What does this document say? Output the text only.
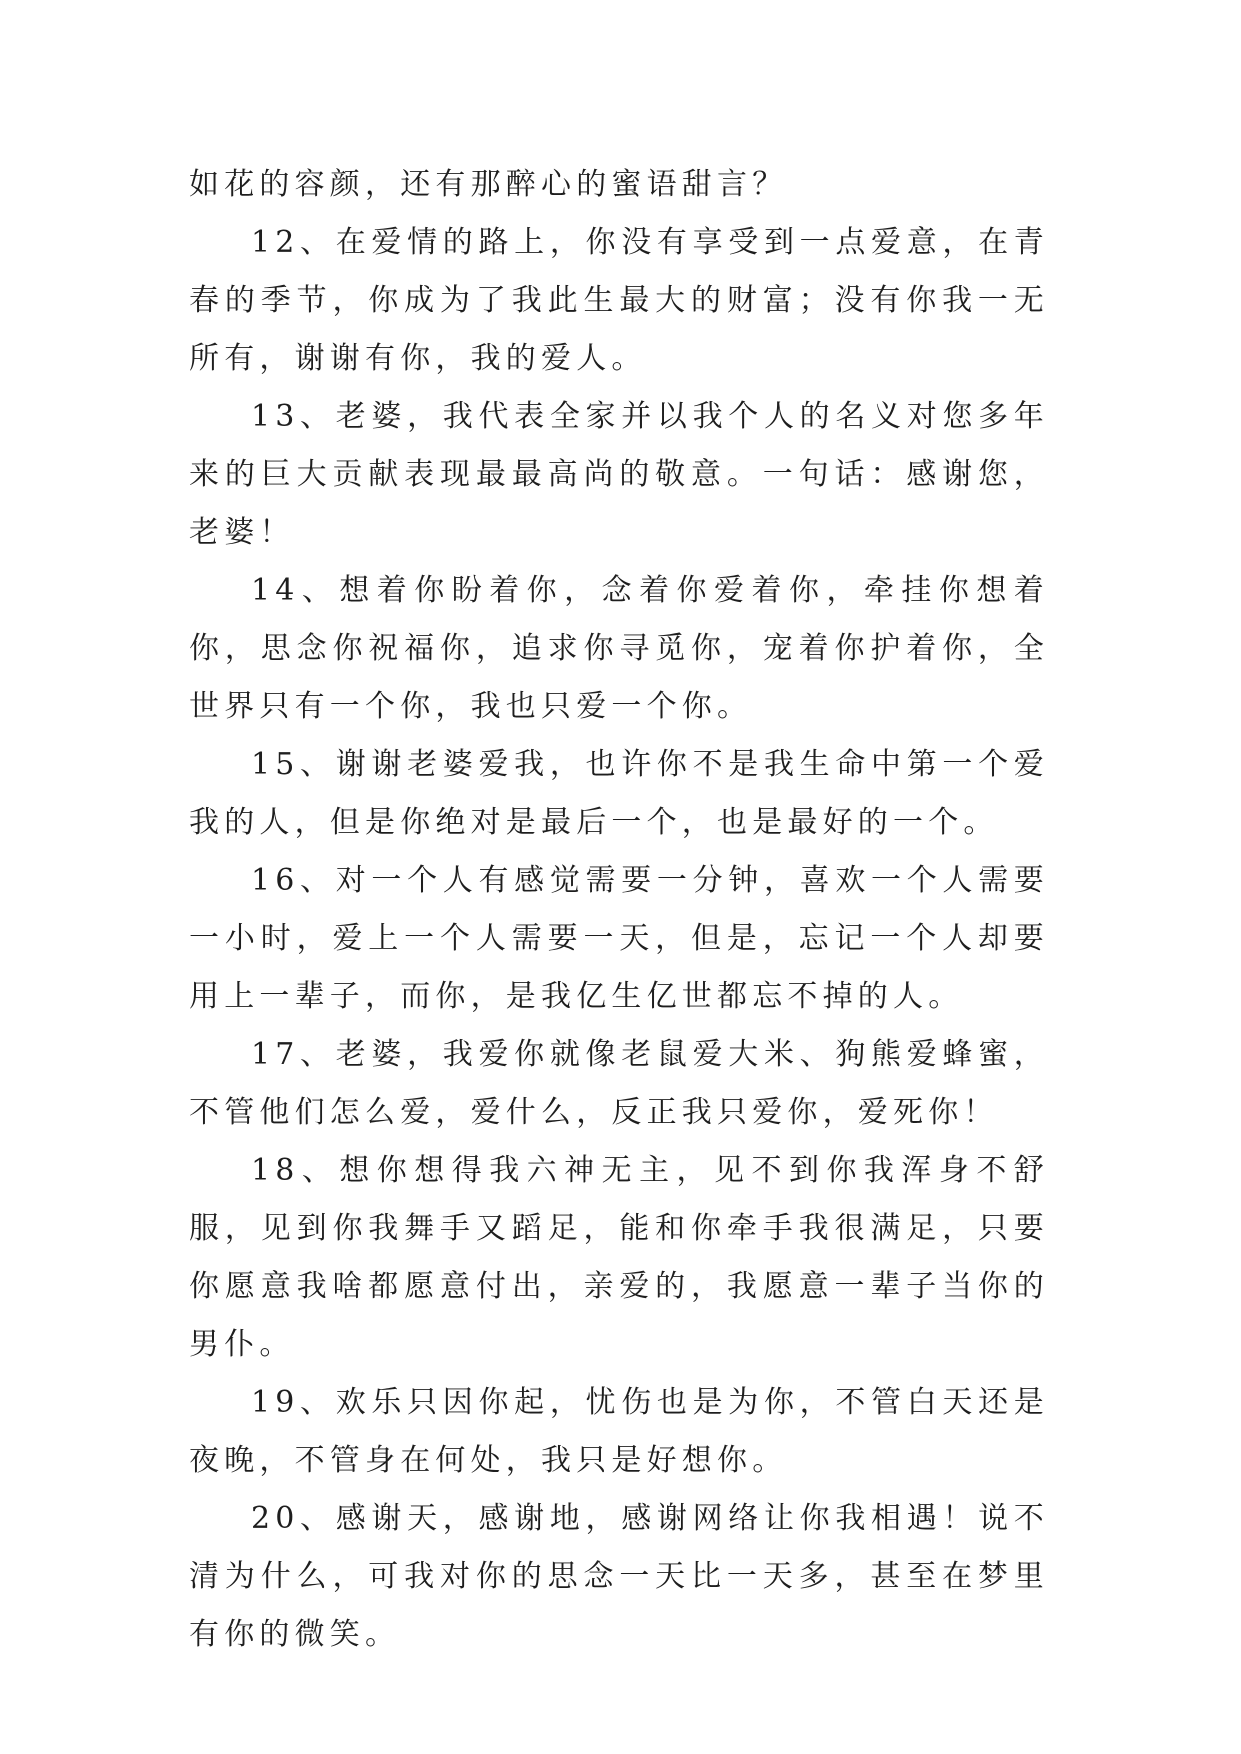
如花的容颜，还有那醉心的蜜语甜言？

12、在爱情的路上，你没有享受到一点爱意，在青春的季节，你成为了我此生最大的财富；没有你我一无所有，谢谢有你，我的爱人。

13、老婆，我代表全家并以我个人的名义对您多年来的巨大贡献表现最最高尚的敬意。一句话：感谢您，老婆！

14、想着你盼着你，念着你爱着你，牵挂你想着你，思念你祝福你，追求你寻觅你，宠着你护着你，全世界只有一个你，我也只爱一个你。

15、谢谢老婆爱我，也许你不是我生命中第一个爱我的人，但是你绝对是最后一个，也是最好的一个。

16、对一个人有感觉需要一分钟，喜欢一个人需要一小时，爱上一个人需要一天，但是，忘记一个人却要用上一辈子，而你，是我亿生亿世都忘不掉的人。

17、老婆，我爱你就像老鼠爱大米、狗熊爱蜂蜜，不管他们怎么爱，爱什么，反正我只爱你，爱死你！

18、想你想得我六神无主，见不到你我浑身不舒服，见到你我舞手又蹈足，能和你牵手我很满足，只要你愿意我啥都愿意付出，亲爱的，我愿意一辈子当你的男仆。

19、欢乐只因你起，忧伤也是为你，不管白天还是夜晚，不管身在何处，我只是好想你。

20、感谢天，感谢地，感谢网络让你我相遇！说不清为什么，可我对你的思念一天比一天多，甚至在梦里有你的微笑。
